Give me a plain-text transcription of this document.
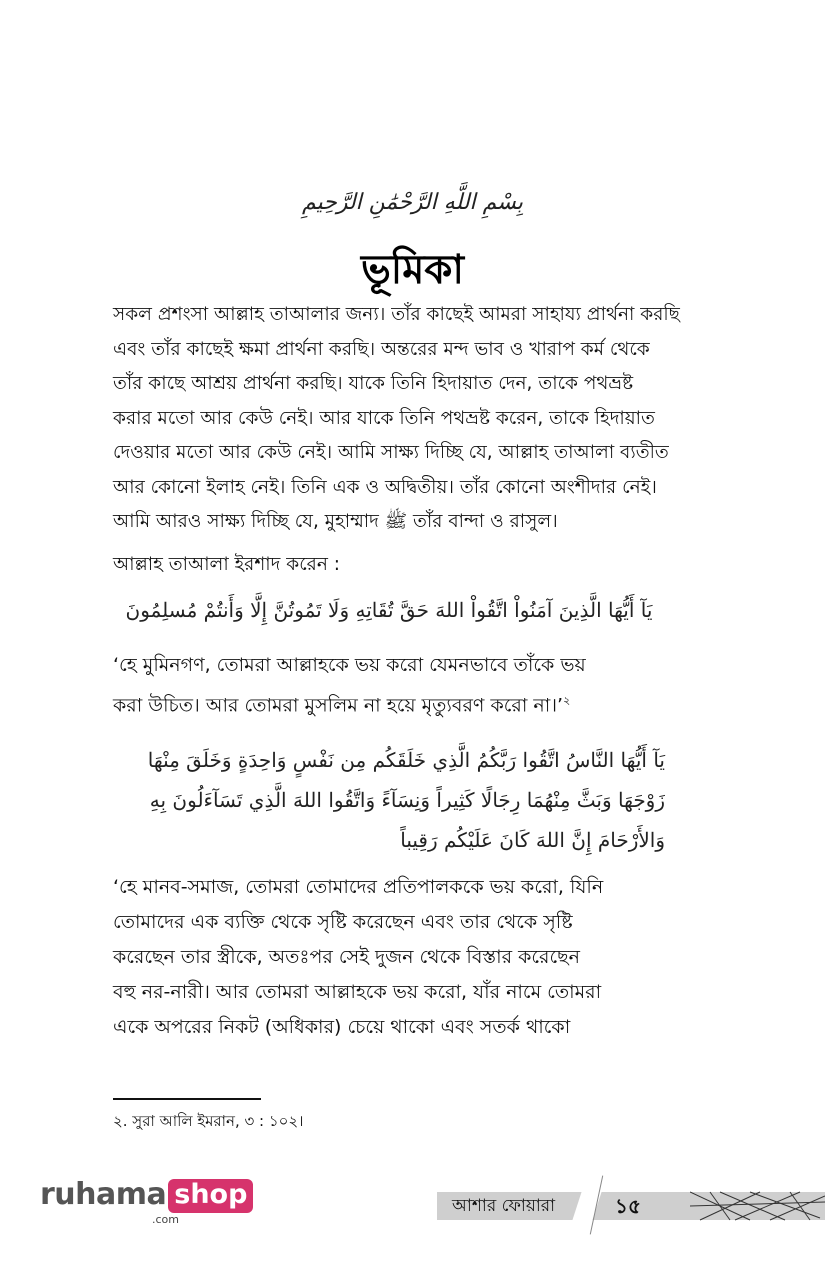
بِسْمِ اللَّهِ الرَّحْمَٰنِ الرَّحِيمِ
ভূমিকা
সকল প্রশংসা আল্লাহ তাআলার জন্য। তাঁর কাছেই আমরা সাহায্য প্রার্থনা করছি
এবং তাঁর কাছেই ক্ষমা প্রার্থনা করছি। অন্তরের মন্দ ভাব ও খারাপ কর্ম থেকে
তাঁর কাছে আশ্রয় প্রার্থনা করছি। যাকে তিনি হিদায়াত দেন, তাকে পথভ্রষ্ট
করার মতো আর কেউ নেই। আর যাকে তিনি পথভ্রষ্ট করেন, তাকে হিদায়াত
দেওয়ার মতো আর কেউ নেই। আমি সাক্ষ্য দিচ্ছি যে, আল্লাহ তাআলা ব্যতীত
আর কোনো ইলাহ নেই। তিনি এক ও অদ্বিতীয়। তাঁর কোনো অংশীদার নেই।
আমি আরও সাক্ষ্য দিচ্ছি যে, মুহাম্মাদ ﷺ তাঁর বান্দা ও রাসুল।
আল্লাহ তাআলা ইরশাদ করেন :
يَآ أَيُّهَا الَّذِينَ آمَنُواْ اتَّقُواْ اللهَ حَقَّ تُقَاتِهِ وَلَا تَمُوتُنَّ إِلَّا وَأَنتُمْ مُسلِمُونَ
‘হে মুমিনগণ, তোমরা আল্লাহকে ভয় করো যেমনভাবে তাঁকে ভয়
করা উচিত। আর তোমরা মুসলিম না হয়ে মৃত্যুবরণ করো না।’$^২$
يَآ أَيُّهَا النَّاسُ اتَّقُوا رَبَّكُمُ الَّذِي خَلَقَكُم مِن نَفْسٍ وَاحِدَةٍ وَخَلَقَ مِنْهَا
زَوْجَهَا وَبَثَّ مِنْهُمَا رِجَالًا كَثِيراً وَنِسَآءً وَاتَّقُوا اللهَ الَّذِي تَسَآءَلُونَ بِهِ
وَالأَرْحَامَ إِنَّ اللهَ كَانَ عَلَيْكُم رَقِيباً
‘হে মানব-সমাজ, তোমরা তোমাদের প্রতিপালককে ভয় করো, যিনি
তোমাদের এক ব্যক্তি থেকে সৃষ্টি করেছেন এবং তার থেকে সৃষ্টি
করেছেন তার স্ত্রীকে, অতঃপর সেই দুজন থেকে বিস্তার করেছেন
বহু নর-নারী। আর তোমরা আল্লাহকে ভয় করো, যাঁর নামে তোমরা
একে অপরের নিকট (অধিকার) চেয়ে থাকো এবং সতর্ক থাকো
২. সুরা আলি ইমরান, ৩ : ১০২।
ruhama shop
.com
আশার ফোয়ারা	১৫
